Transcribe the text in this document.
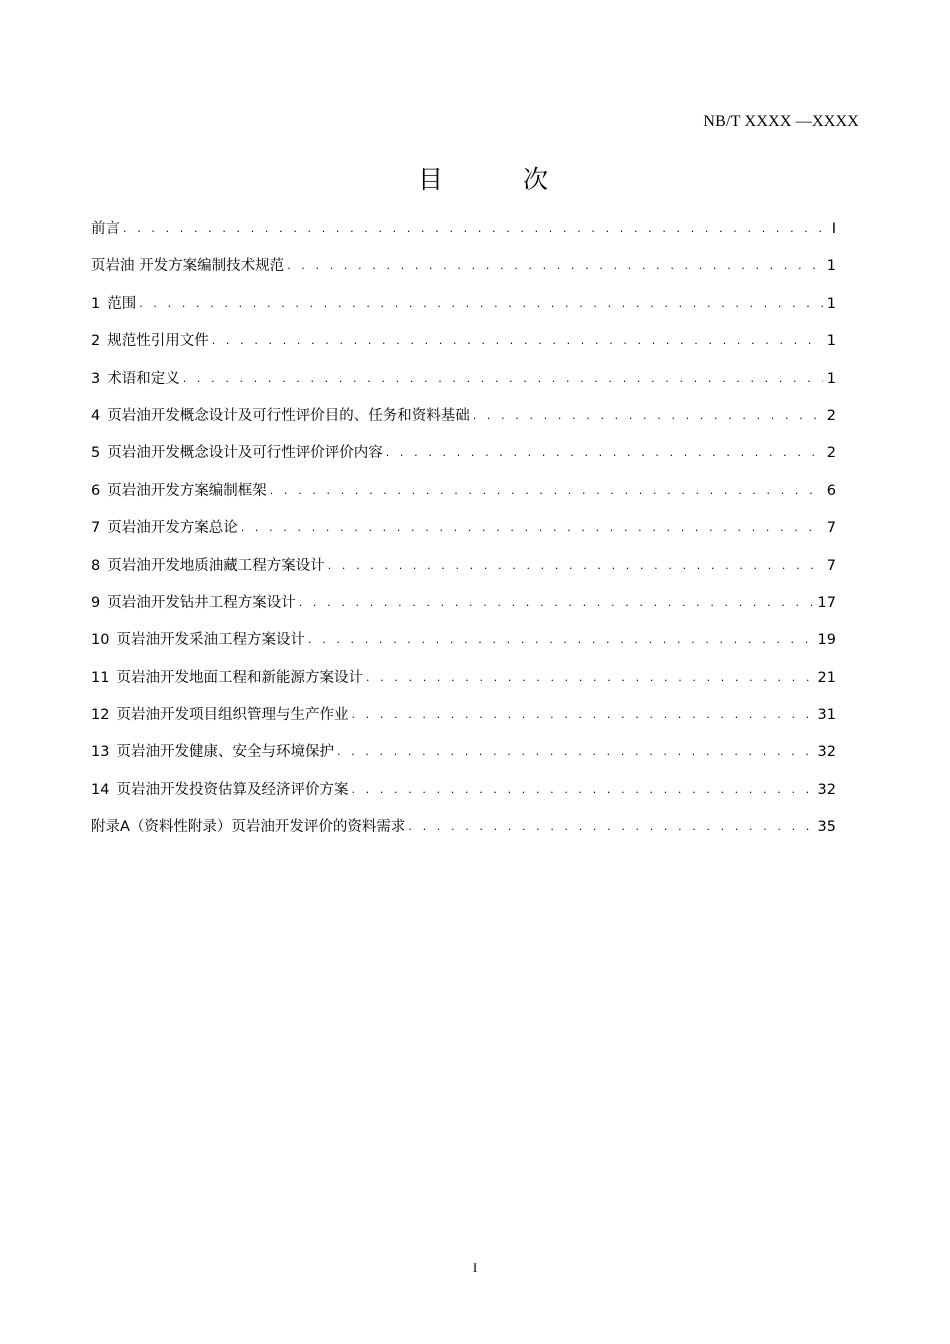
NB/T XXXX —XXXX
目 次
前言 . . .	I
页岩油 开发方案编制技术规范 . . .	1
1 范围 . . .	1
2 规范性引用文件 . . .	1
3 术语和定义 . . .	1
4 页岩油开发概念设计及可行性评价目的、任务和资料基础 . . .	2
5 页岩油开发概念设计及可行性评价评价内容 . . .	2
6 页岩油开发方案编制框架 . . .	6
7 页岩油开发方案总论 . . .	7
8 页岩油开发地质油藏工程方案设计 . . .	7
9 页岩油开发钻井工程方案设计 . . .	17
10 页岩油开发采油工程方案设计 . . .	19
11 页岩油开发地面工程和新能源方案设计 . . .	21
12 页岩油开发项目组织管理与生产作业 . . .	31
13 页岩油开发健康、安全与环境保护 . . .	32
14 页岩油开发投资估算及经济评价方案 . . .	32
附录A（资料性附录）页岩油开发评价的资料需求 . . .	35
I
